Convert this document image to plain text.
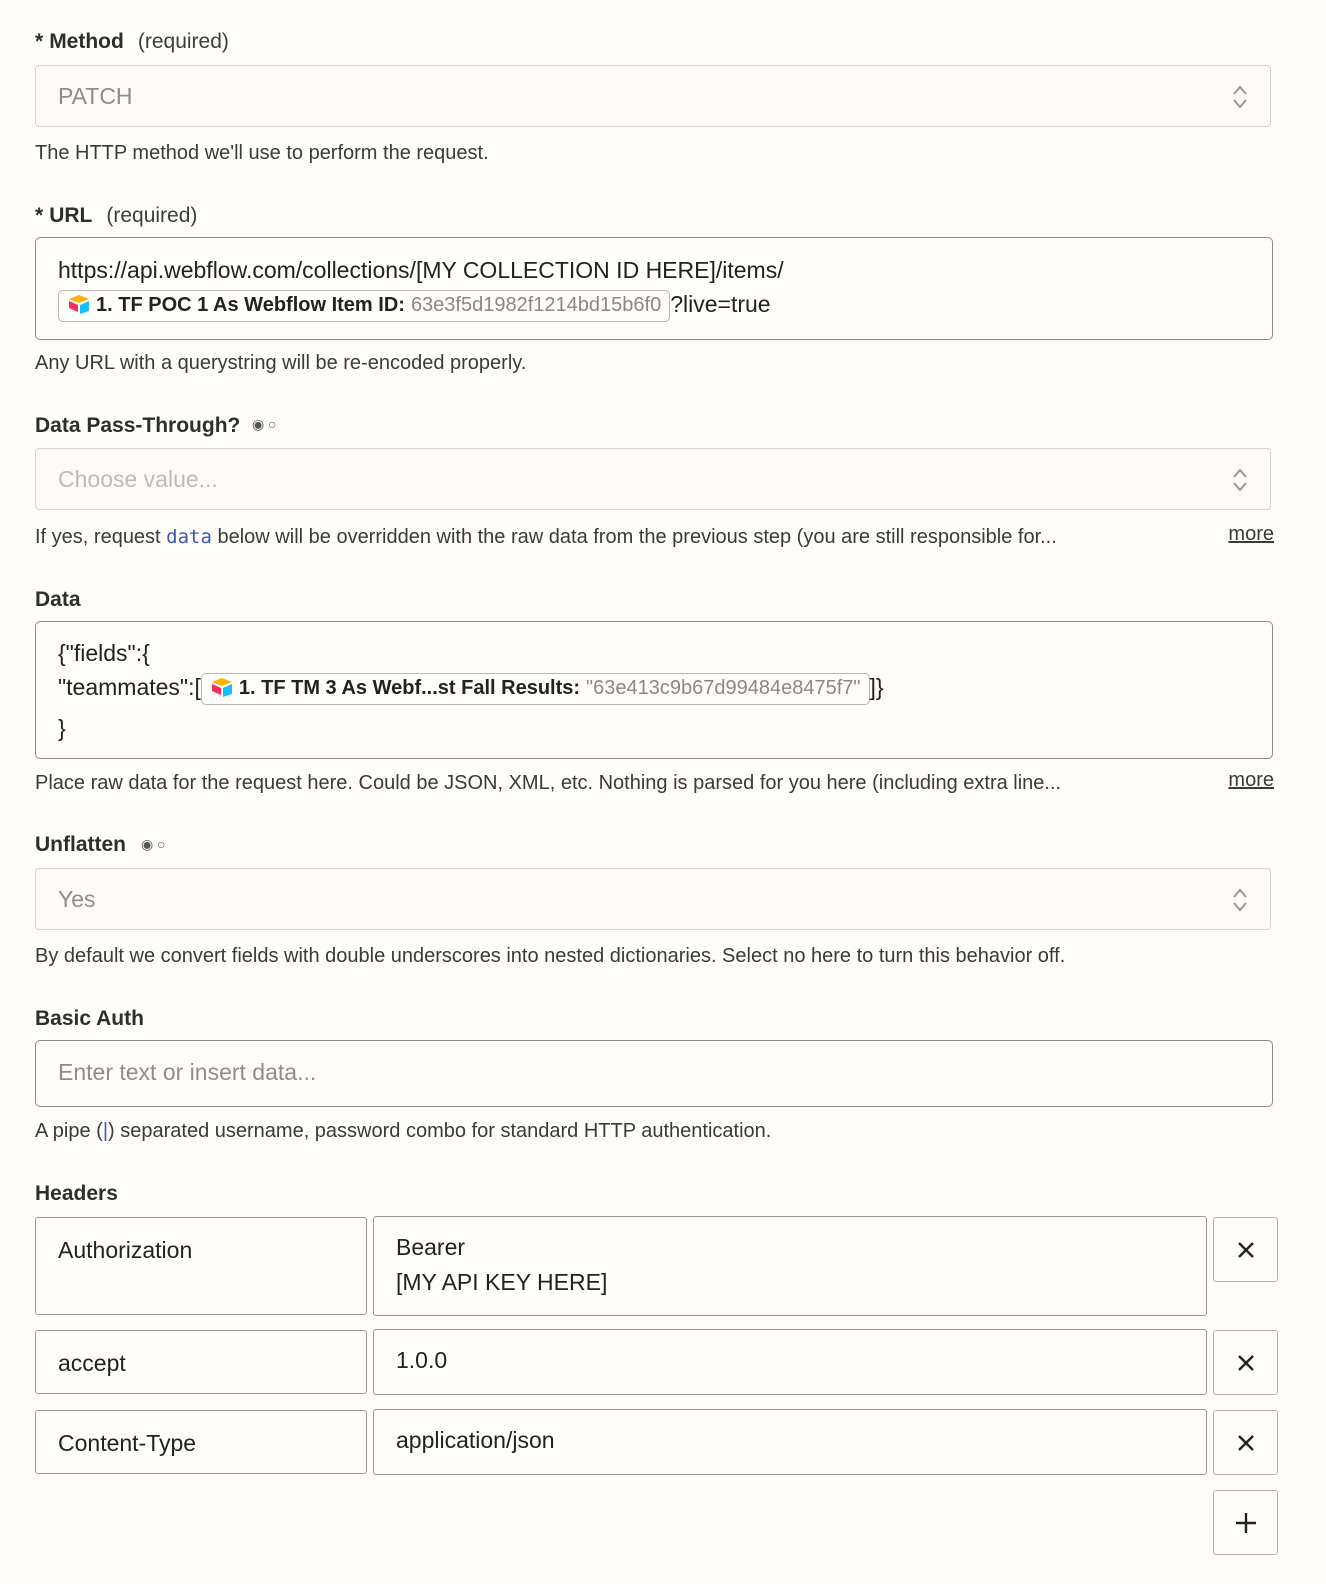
* Method (required)
PATCH
The HTTP method we'll use to perform the request.
* URL (required)
https://api.webflow.com/collections/[MY COLLECTION ID HERE]/items/
1. TF POC 1 As Webflow Item ID: 63e3f5d1982f1214bd15b6f0 ?live=true
Any URL with a querystring will be re-encoded properly.
Data Pass-Through? ◉ ○
Choose value...
If yes, request data below will be overridden with the raw data from the previous step (you are still responsible for...	more
Data
{"fields":{
"teammates":[ 1. TF TM 3 As Webf...st Fall Results: "63e413c9b67d99484e8475f7" ]}
}
Place raw data for the request here. Could be JSON, XML, etc. Nothing is parsed for you here (including extra line...	more
Unflatten ◉ ○
Yes
By default we convert fields with double underscores into nested dictionaries. Select no here to turn this behavior off.
Basic Auth
Enter text or insert data...
A pipe (|) separated username, password combo for standard HTTP authentication.
Headers
Authorization	Bearer
[MY API KEY HERE]
accept	1.0.0
Content-Type	application/json
